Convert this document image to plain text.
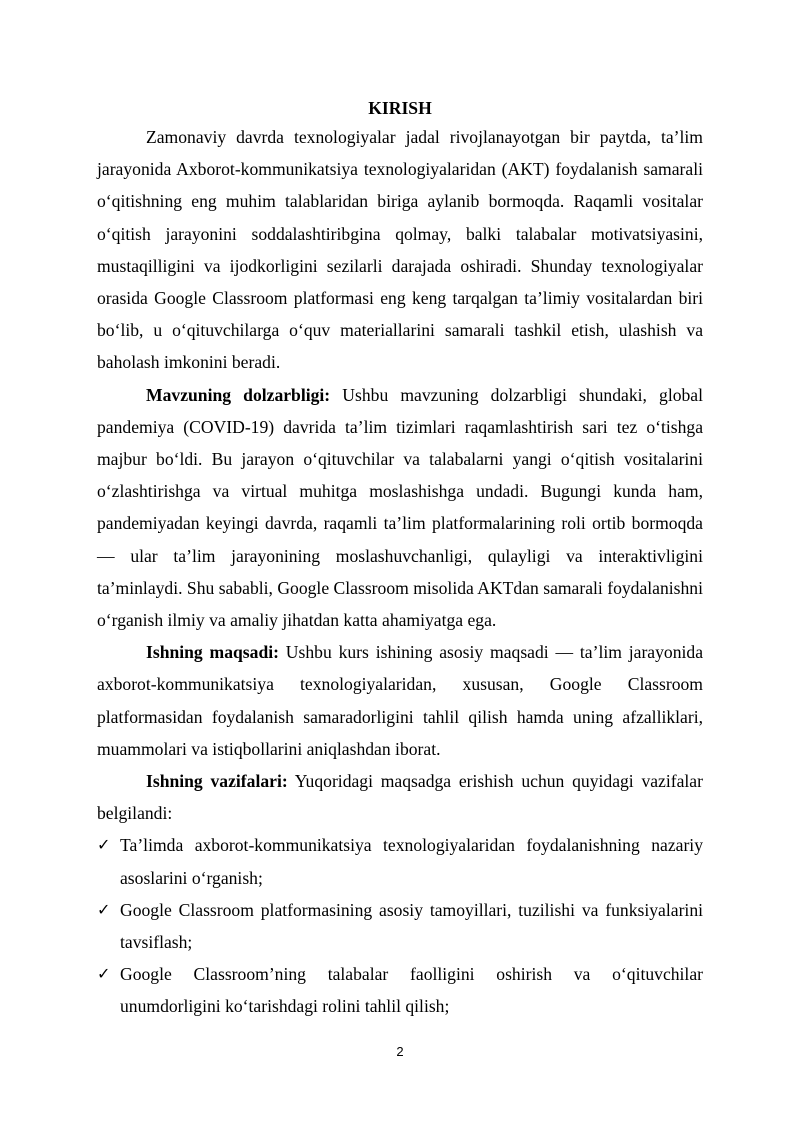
KIRISH

Zamonaviy davrda texnologiyalar jadal rivojlanayotgan bir paytda, ta’lim jarayonida Axborot-kommunikatsiya texnologiyalaridan (AKT) foydalanish samarali o‘qitishning eng muhim talablaridan biriga aylanib bormoqda. Raqamli vositalar o‘qitish jarayonini soddalashtiribgina qolmay, balki talabalar motivatsiyasini, mustaqilligini va ijodkorligini sezilarli darajada oshiradi. Shunday texnologiyalar orasida Google Classroom platformasi eng keng tarqalgan ta’limiy vositalardan biri bo‘lib, u o‘qituvchilarga o‘quv materiallarini samarali tashkil etish, ulashish va baholash imkonini beradi.

Mavzuning dolzarbligi: Ushbu mavzuning dolzarbligi shundaki, global pandemiya (COVID-19) davrida ta’lim tizimlari raqamlashtirish sari tez o‘tishga majbur bo‘ldi. Bu jarayon o‘qituvchilar va talabalarni yangi o‘qitish vositalarini o‘zlashtirishga va virtual muhitga moslashishga undadi. Bugungi kunda ham, pandemiyadan keyingi davrda, raqamli ta’lim platformalarining roli ortib bormoqda — ular ta’lim jarayonining moslashuvchanligi, qulayligi va interaktivligini ta’minlaydi. Shu sababli, Google Classroom misolida AKTdan samarali foydalanishni o‘rganish ilmiy va amaliy jihatdan katta ahamiyatga ega.

Ishning maqsadi: Ushbu kurs ishining asosiy maqsadi — ta’lim jarayonida axborot-kommunikatsiya texnologiyalaridan, xususan, Google Classroom platformasidan foydalanish samaradorligini tahlil qilish hamda uning afzalliklari, muammolari va istiqbollarini aniqlashdan iborat.

Ishning vazifalari: Yuqoridagi maqsadga erishish uchun quyidagi vazifalar belgilandi:

✓ Ta’limda axborot-kommunikatsiya texnologiyalaridan foydalanishning nazariy asoslarini o‘rganish;
✓ Google Classroom platformasining asosiy tamoyillari, tuzilishi va funksiyalarini tavsiflash;
✓ Google Classroom’ning talabalar faolligini oshirish va o‘qituvchilar unumdorligini ko‘tarishdagi rolini tahlil qilish;
2
